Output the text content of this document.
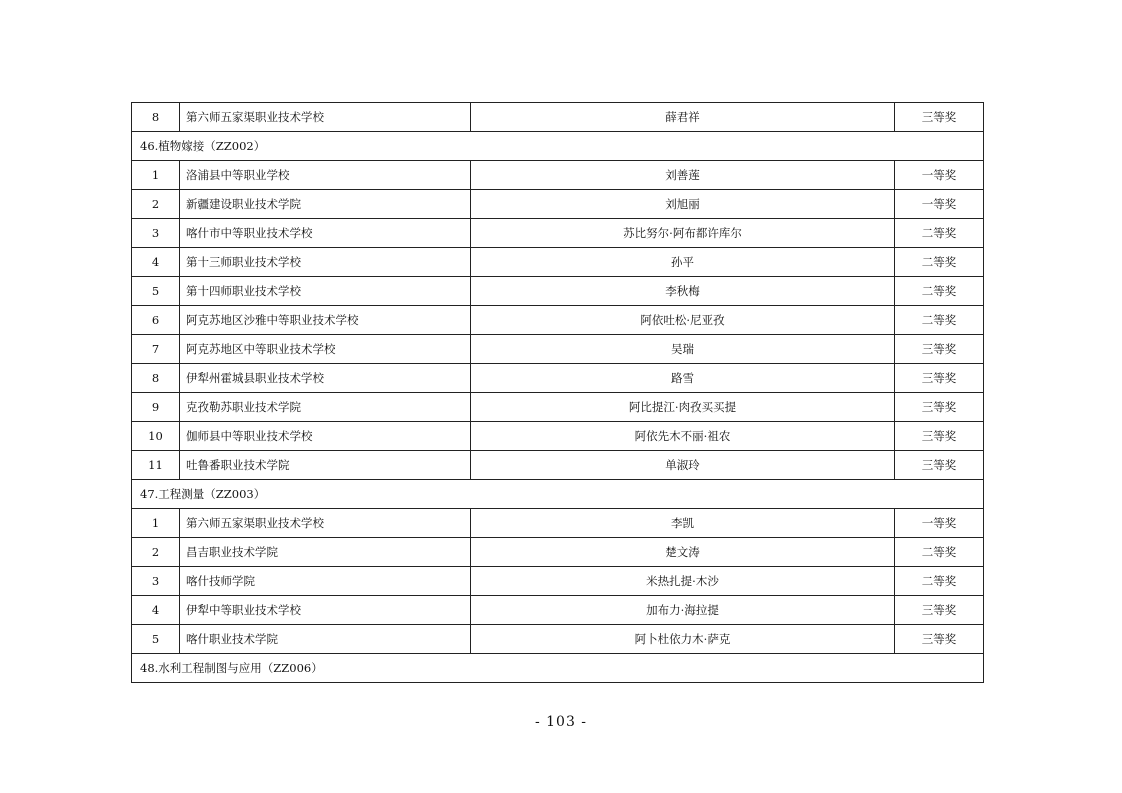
8	第六师五家渠职业技术学校	薛君祥	三等奖
46.植物嫁接（ZZ002）			
1	洛浦县中等职业学校	刘善莲	一等奖
2	新疆建设职业技术学院	刘旭丽	一等奖
3	喀什市中等职业技术学校	苏比努尔·阿布都许库尔	二等奖
4	第十三师职业技术学校	孙平	二等奖
5	第十四师职业技术学校	李秋梅	二等奖
6	阿克苏地区沙雅中等职业技术学校	阿依吐松·尼亚孜	二等奖
7	阿克苏地区中等职业技术学校	吴瑞	三等奖
8	伊犁州霍城县职业技术学校	路雪	三等奖
9	克孜勒苏职业技术学院	阿比提江·肉孜买买提	三等奖
10	伽师县中等职业技术学校	阿依先木不丽·祖农	三等奖
11	吐鲁番职业技术学院	单淑玲	三等奖
47.工程测量（ZZ003）			
1	第六师五家渠职业技术学校	李凯	一等奖
2	昌吉职业技术学院	楚文涛	二等奖
3	喀什技师学院	米热扎提·木沙	二等奖
4	伊犁中等职业技术学校	加布力·海拉提	三等奖
5	喀什职业技术学院	阿卜杜依力木·萨克	三等奖
48.水利工程制图与应用（ZZ006）			
- 103 -
